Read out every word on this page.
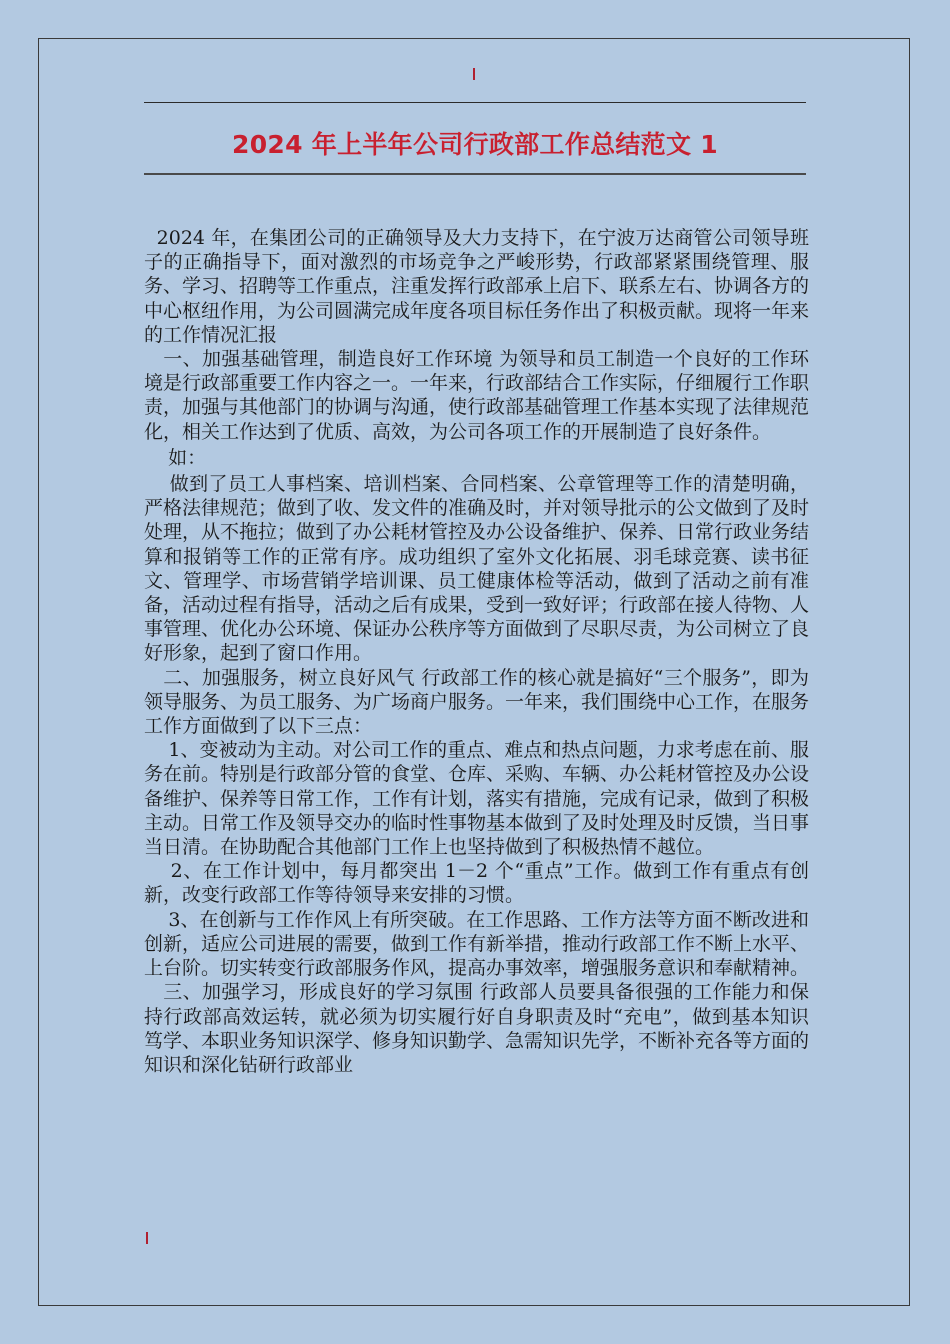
2024 年上半年公司行政部工作总结范文 1

2024 年，在集团公司的正确领导及大力支持下，在宁波万达商管公司领导班子的正确指导下，面对激烈的市场竞争之严峻形势，行政部紧紧围绕管理、服务、学习、招聘等工作重点，注重发挥行政部承上启下、联系左右、协调各方的中心枢纽作用，为公司圆满完成年度各项目标任务作出了积极贡献。现将一年来的工作情况汇报

一、加强基础管理，制造良好工作环境 为领导和员工制造一个良好的工作环境是行政部重要工作内容之一。一年来，行政部结合工作实际，仔细履行工作职责，加强与其他部门的协调与沟通，使行政部基础管理工作基本实现了法律规范化，相关工作达到了优质、高效，为公司各项工作的开展制造了良好条件。

如：

做到了员工人事档案、培训档案、合同档案、公章管理等工作的清楚明确，严格法律规范；做到了收、发文件的准确及时，并对领导批示的公文做到了及时处理，从不拖拉；做到了办公耗材管控及办公设备维护、保养、日常行政业务结算和报销等工作的正常有序。成功组织了室外文化拓展、羽毛球竞赛、读书征文、管理学、市场营销学培训课、员工健康体检等活动，做到了活动之前有准备，活动过程有指导，活动之后有成果，受到一致好评；行政部在接人待物、人事管理、优化办公环境、保证办公秩序等方面做到了尽职尽责，为公司树立了良好形象，起到了窗口作用。

二、加强服务，树立良好风气 行政部工作的核心就是搞好“三个服务”，即为领导服务、为员工服务、为广场商户服务。一年来，我们围绕中心工作，在服务工作方面做到了以下三点：

1、变被动为主动。对公司工作的重点、难点和热点问题，力求考虑在前、服务在前。特别是行政部分管的食堂、仓库、采购、车辆、办公耗材管控及办公设备维护、保养等日常工作，工作有计划，落实有措施，完成有记录，做到了积极主动。日常工作及领导交办的临时性事物基本做到了及时处理及时反馈，当日事当日清。在协助配合其他部门工作上也坚持做到了积极热情不越位。

2、在工作计划中，每月都突出 1－2 个“重点”工作。做到工作有重点有创新，改变行政部工作等待领导来安排的习惯。

3、在创新与工作作风上有所突破。在工作思路、工作方法等方面不断改进和创新，适应公司进展的需要，做到工作有新举措，推动行政部工作不断上水平、上台阶。切实转变行政部服务作风，提高办事效率，增强服务意识和奉献精神。

三、加强学习，形成良好的学习氛围 行政部人员要具备很强的工作能力和保持行政部高效运转，就必须为切实履行好自身职责及时“充电”，做到基本知识笃学、本职业务知识深学、修身知识勤学、急需知识先学，不断补充各等方面的知识和深化钻研行政部业
